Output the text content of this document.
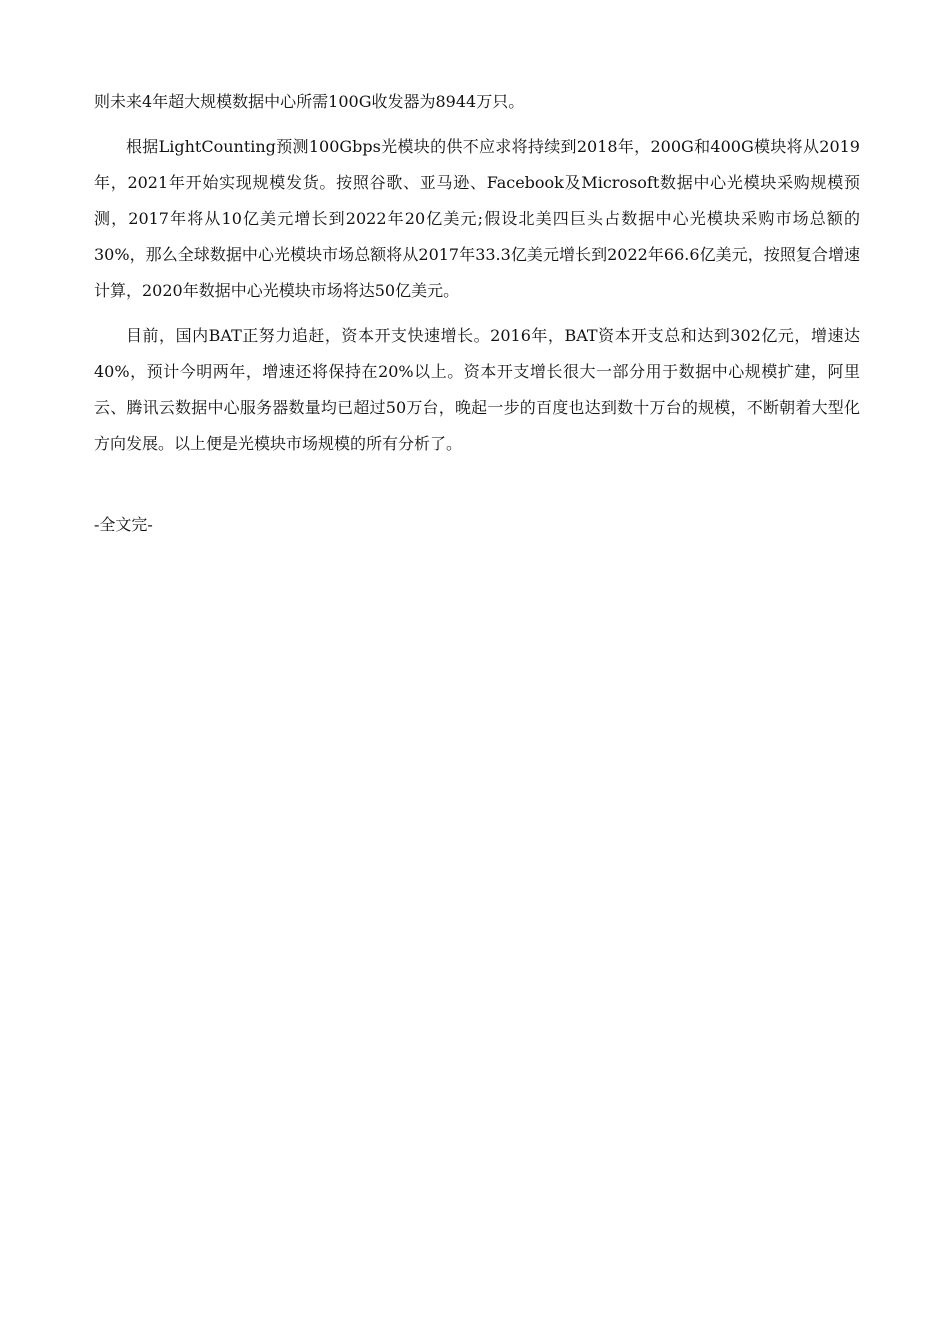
则未来4年超大规模数据中心所需100G收发器为8944万只。

根据LightCounting预测100Gbps光模块的供不应求将持续到2018年，200G和400G模块将从2019年，2021年开始实现规模发货。按照谷歌、亚马逊、Facebook及Microsoft数据中心光模块采购规模预测，2017年将从10亿美元增长到2022年20亿美元;假设北美四巨头占数据中心光模块采购市场总额的30%，那么全球数据中心光模块市场总额将从2017年33.3亿美元增长到2022年66.6亿美元，按照复合增速计算，2020年数据中心光模块市场将达50亿美元。

目前，国内BAT正努力追赶，资本开支快速增长。2016年，BAT资本开支总和达到302亿元，增速达40%，预计今明两年，增速还将保持在20%以上。资本开支增长很大一部分用于数据中心规模扩建，阿里云、腾讯云数据中心服务器数量均已超过50万台，晚起一步的百度也达到数十万台的规模，不断朝着大型化方向发展。以上便是光模块市场规模的所有分析了。

-全文完-
